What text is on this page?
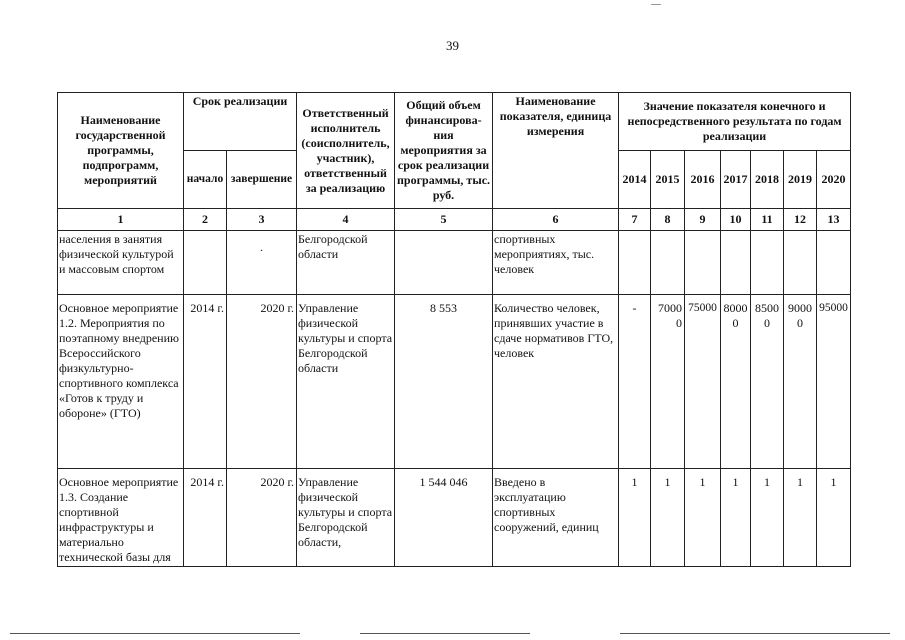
39
Наименование государственной программы, подпрограмм, мероприятий	Срок реализации		Ответственный исполнитель (соисполнитель, участник), ответственный за реализацию	Общий объем финансирова- ния мероприятия за срок реализации программы, тыс. руб.	Наименование показателя, единица измерения	Значение показателя конечного и непосредственного результата по годам реализации						
	начало	завершение				2014	2015	2016	2017	2018	2019	2020
1	2	3	4	5	6	7	8	9	10	11	12	13
населения в занятия физической культурой и массовым спортом		·	Белгородской области		спортивных мероприятиях, тыс. человек							
Основное мероприятие 1.2. Мероприятия по поэтапному внедрению Всероссийского физкультурно-спортивного комплекса «Готов к труду и обороне» (ГТО)	2014 г.	2020 г.	Управление физической культуры и спорта Белгородской области	8 553	Количество человек, принявших участие в сдаче нормативов ГТО, человек	-	7000 0	75000	8000 0	8500 0	9000 0	95000
Основное мероприятие 1.3. Создание спортивной инфраструктуры и материально технической базы для	2014 г.	2020 г.	Управление физической культуры и спорта Белгородской области,	1 544 046	Введено в эксплуатацию спортивных сооружений, единиц	1	1	1	1	1	1	1
